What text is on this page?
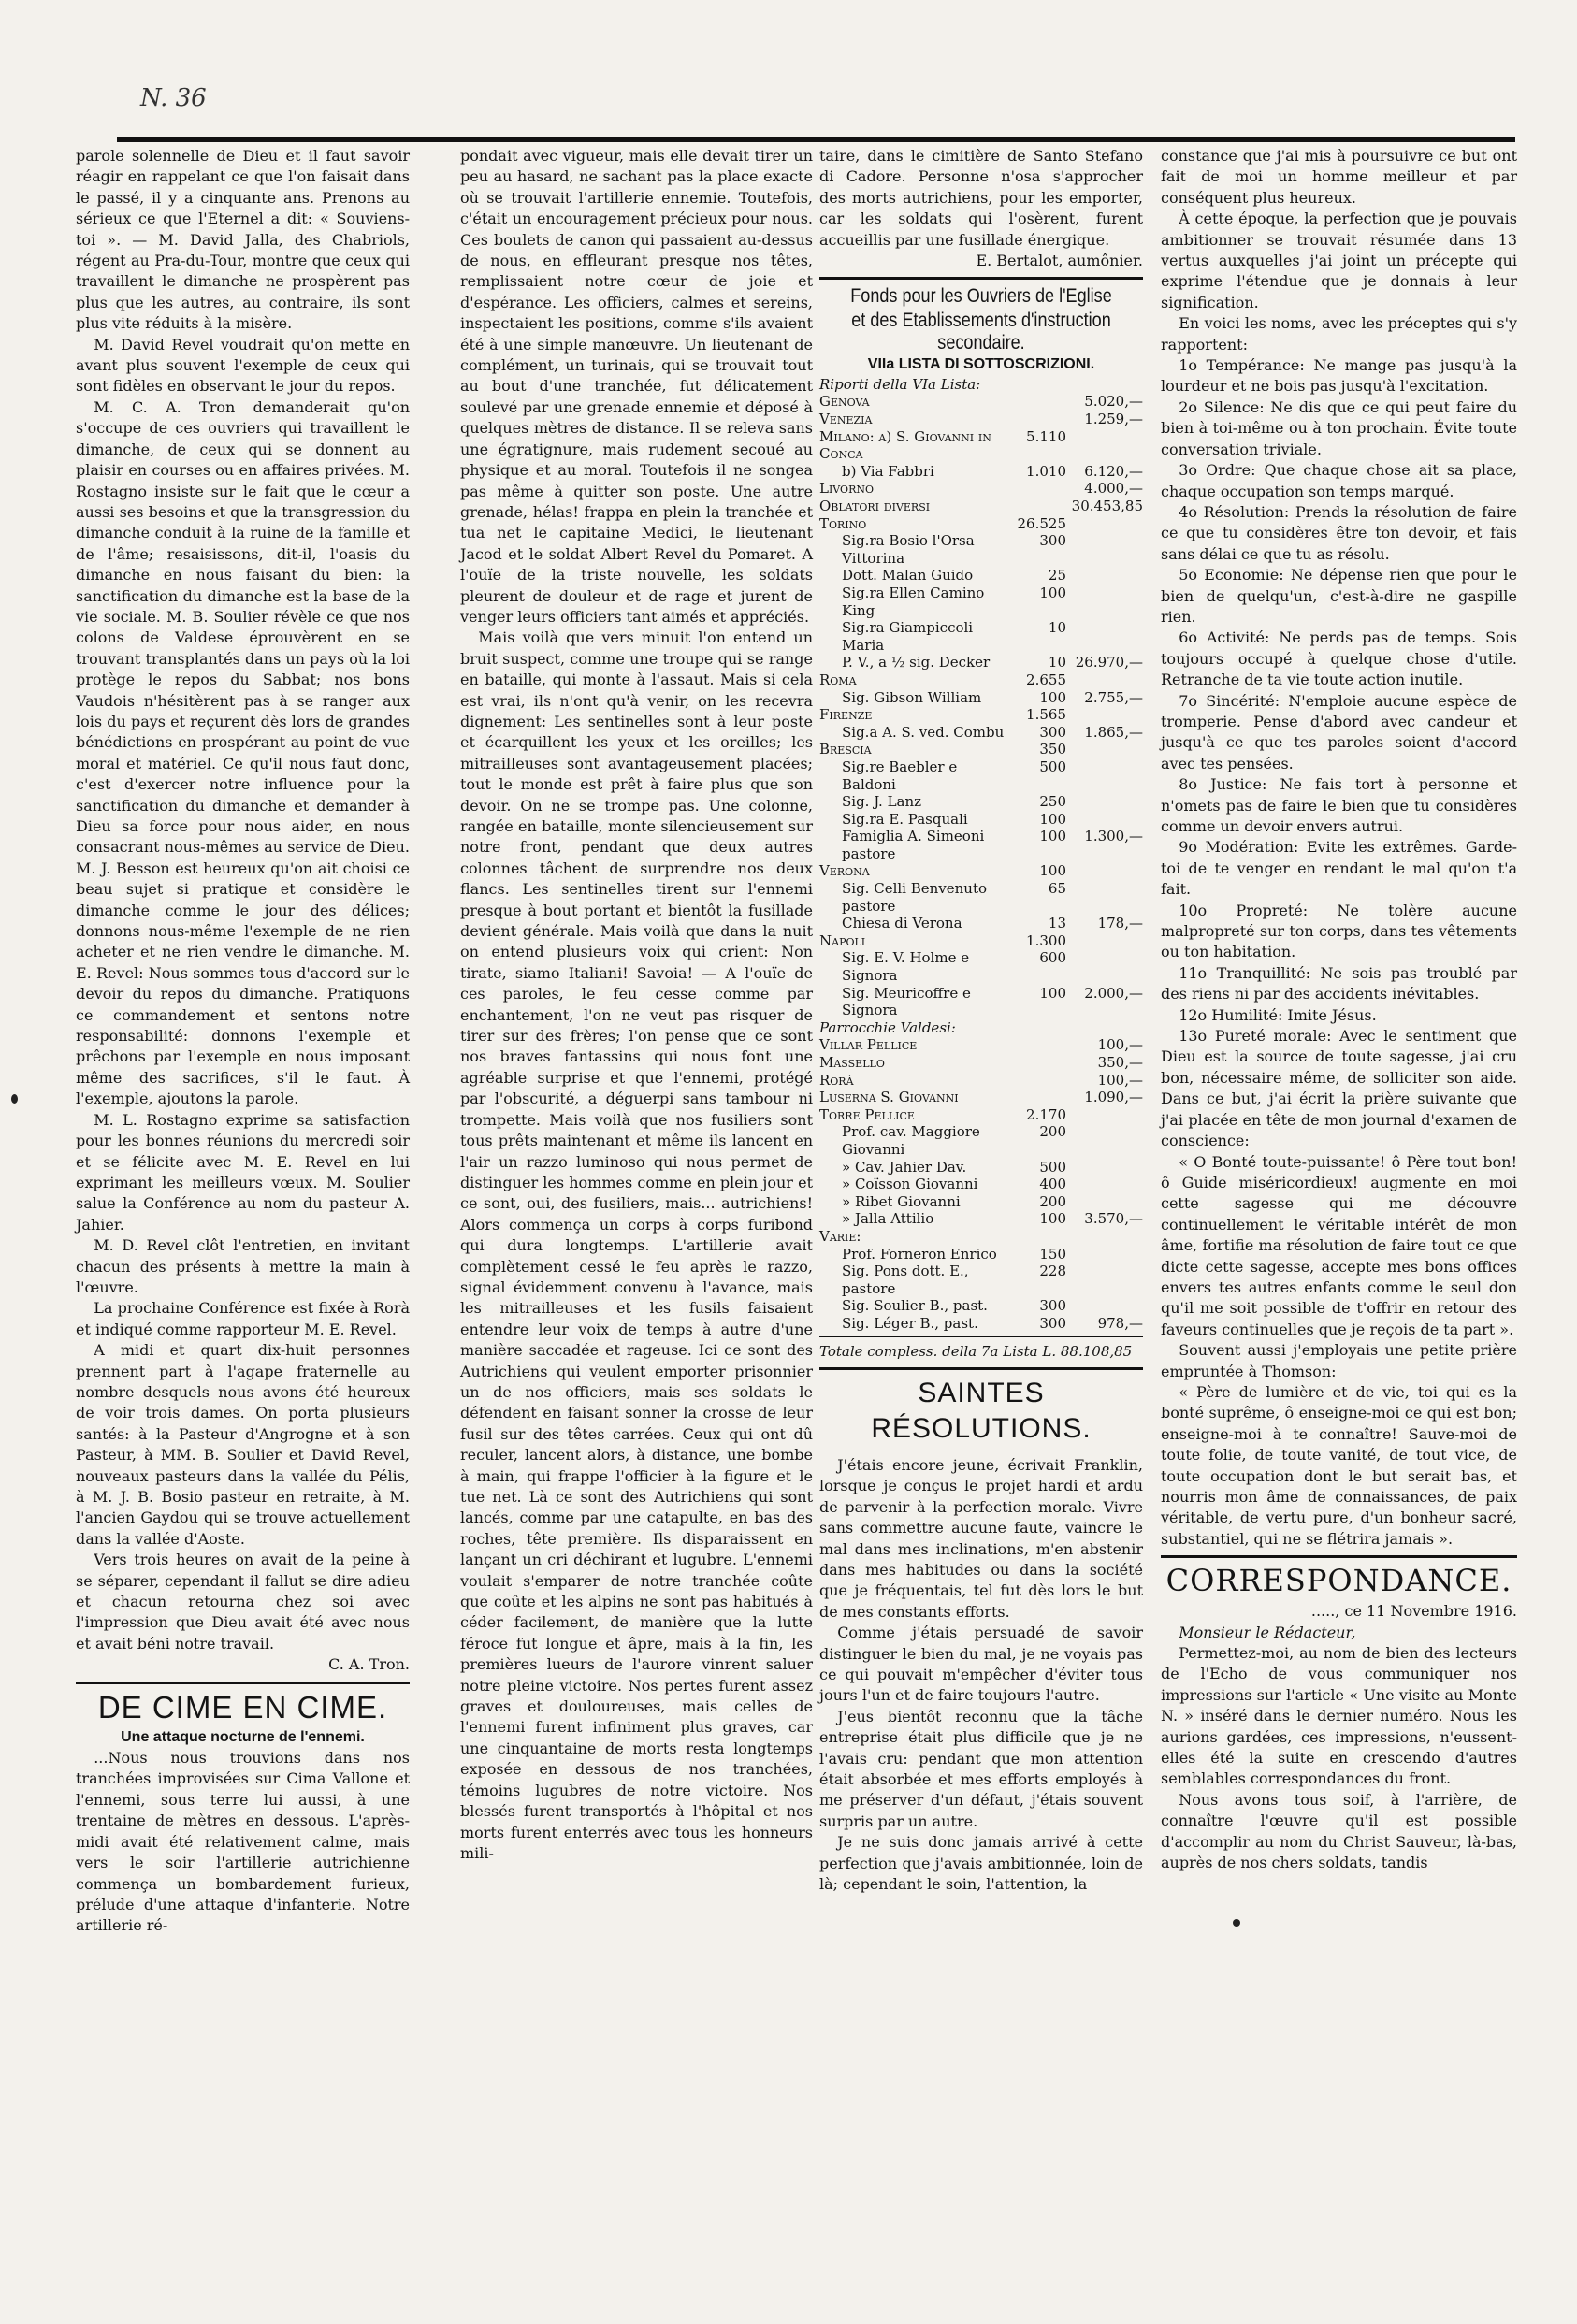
N. 36

parole solennelle de Dieu et il faut savoir réagir en rappelant ce que l'on faisait dans le passé, il y a cinquante ans. Prenons au sérieux ce que l'Eternel a dit: « Souviens-toi ». — M. David Jalla, des Chabriols, régent au Pra-du-Tour, montre que ceux qui travaillent le dimanche ne prospèrent pas plus que les autres, au contraire, ils sont plus vite réduits à la misère.

M. David Revel voudrait qu'on mette en avant plus souvent l'exemple de ceux qui sont fidèles en observant le jour du repos.

M. C. A. Tron demanderait qu'on s'occupe de ces ouvriers qui travaillent le dimanche, de ceux qui se donnent au plaisir en courses ou en affaires privées. M. Rostagno insiste sur le fait que le cœur a aussi ses besoins et que la transgression du dimanche conduit à la ruine de la famille et de l'âme; resaisissons, dit-il, l'oasis du dimanche en nous faisant du bien: la sanctification du dimanche est la base de la vie sociale. M. B. Soulier révèle ce que nos colons de Valdese éprouvèrent en se trouvant transplantés dans un pays où la loi protège le repos du Sabbat; nos bons Vaudois n'hésitèrent pas à se ranger aux lois du pays et reçurent dès lors de grandes bénédictions en prospérant au point de vue moral et matériel. Ce qu'il nous faut donc, c'est d'exercer notre influence pour la sanctification du dimanche et demander à Dieu sa force pour nous aider, en nous consacrant nous-mêmes au service de Dieu. M. J. Besson est heureux qu'on ait choisi ce beau sujet si pratique et considère le dimanche comme le jour des délices; donnons nous-même l'exemple de ne rien acheter et ne rien vendre le dimanche. M. E. Revel: Nous sommes tous d'accord sur le devoir du repos du dimanche. Pratiquons ce commandement et sentons notre responsabilité: donnons l'exemple et prêchons par l'exemple en nous imposant même des sacrifices, s'il le faut. À l'exemple, ajoutons la parole.

M. L. Rostagno exprime sa satisfaction pour les bonnes réunions du mercredi soir et se félicite avec M. E. Revel en lui exprimant les meilleurs vœux. M. Soulier salue la Conférence au nom du pasteur A. Jahier.

M. D. Revel clôt l'entretien, en invitant chacun des présents à mettre la main à l'œuvre.

La prochaine Conférence est fixée à Rorà et indiqué comme rapporteur M. E. Revel.

A midi et quart dix-huit personnes prennent part à l'agape fraternelle au nombre desquels nous avons été heureux de voir trois dames. On porta plusieurs santés: à la Pasteur d'Angrogne et à son Pasteur, à MM. B. Soulier et David Revel, nouveaux pasteurs dans la vallée du Pélis, à M. J. B. Bosio pasteur en retraite, à M. l'ancien Gaydou qui se trouve actuellement dans la vallée d'Aoste.

Vers trois heures on avait de la peine à se séparer, cependant il fallut se dire adieu et chacun retourna chez soi avec l'impression que Dieu avait été avec nous et avait béni notre travail.

C. A. Tron.
DE CIME EN CIME.
Une attaque nocturne de l'ennemi.

...Nous nous trouvions dans nos tranchées improvisées sur Cima Vallone et l'ennemi, sous terre lui aussi, à une trentaine de mètres en dessous. L'après-midi avait été relativement calme, mais vers le soir l'artillerie autrichienne commença un bombardement furieux, prélude d'une attaque d'infanterie. Notre artillerie ré-

pondait avec vigueur, mais elle devait tirer un peu au hasard, ne sachant pas la place exacte où se trouvait l'artillerie ennemie. Toutefois, c'était un encouragement précieux pour nous. Ces boulets de canon qui passaient au-dessus de nous, en effleurant presque nos têtes, remplissaient notre cœur de joie et d'espérance. Les officiers, calmes et sereins, inspectaient les positions, comme s'ils avaient été à une simple manœuvre. Un lieutenant de complément, un turinais, qui se trouvait tout au bout d'une tranchée, fut délicatement soulevé par une grenade ennemie et déposé à quelques mètres de distance. Il se releva sans une égratignure, mais rudement secoué au physique et au moral. Toutefois il ne songea pas même à quitter son poste. Une autre grenade, hélas! frappa en plein la tranchée et tua net le capitaine Medici, le lieutenant Jacod et le soldat Albert Revel du Pomaret. A l'ouïe de la triste nouvelle, les soldats pleurent de douleur et de rage et jurent de venger leurs officiers tant aimés et appréciés.

Mais voilà que vers minuit l'on entend un bruit suspect, comme une troupe qui se range en bataille, qui monte à l'assaut. Mais si cela est vrai, ils n'ont qu'à venir, on les recevra dignement: Les sentinelles sont à leur poste et écarquillent les yeux et les oreilles; les mitrailleuses sont avantageusement placées; tout le monde est prêt à faire plus que son devoir. On ne se trompe pas. Une colonne, rangée en bataille, monte silencieusement sur notre front, pendant que deux autres colonnes tâchent de surprendre nos deux flancs. Les sentinelles tirent sur l'ennemi presque à bout portant et bientôt la fusillade devient générale. Mais voilà que dans la nuit on entend plusieurs voix qui crient: Non tirate, siamo Italiani! Savoia! — A l'ouïe de ces paroles, le feu cesse comme par enchantement, l'on ne veut pas risquer de tirer sur des frères; l'on pense que ce sont nos braves fantassins qui nous font une agréable surprise et que l'ennemi, protégé par l'obscurité, a déguerpi sans tambour ni trompette. Mais voilà que nos fusiliers sont tous prêts maintenant et même ils lancent en l'air un razzo luminoso qui nous permet de distinguer les hommes comme en plein jour et ce sont, oui, des fusiliers, mais... autrichiens! Alors commença un corps à corps furibond qui dura longtemps. L'artillerie avait complètement cessé le feu après le razzo, signal évidemment convenu à l'avance, mais les mitrailleuses et les fusils faisaient entendre leur voix de temps à autre d'une manière saccadée et rageuse. Ici ce sont des Autrichiens qui veulent emporter prisonnier un de nos officiers, mais ses soldats le défendent en faisant sonner la crosse de leur fusil sur des têtes carrées. Ceux qui ont dû reculer, lancent alors, à distance, une bombe à main, qui frappe l'officier à la figure et le tue net. Là ce sont des Autrichiens qui sont lancés, comme par une catapulte, en bas des roches, tête première. Ils disparaissent en lançant un cri déchirant et lugubre. L'ennemi voulait s'emparer de notre tranchée coûte que coûte et les alpins ne sont pas habitués à céder facilement, de manière que la lutte féroce fut longue et âpre, mais à la fin, les premières lueurs de l'aurore vinrent saluer notre pleine victoire. Nos pertes furent assez graves et douloureuses, mais celles de l'ennemi furent infiniment plus graves, car une cinquantaine de morts resta longtemps exposée en dessous de nos tranchées, témoins lugubres de notre victoire. Nos blessés furent transportés à l'hôpital et nos morts furent enterrés avec tous les honneurs mili-

taire, dans le cimitière de Santo Stefano di Cadore. Personne n'osa s'approcher des morts autrichiens, pour les emporter, car les soldats qui l'osèrent, furent accueillis par une fusillade énergique.

E. Bertalot, aumônier.
Fonds pour les Ouvriers de l'Eglise
et des Etablissements d'instruction secondaire.
VIIa LISTA DI SOTTOSCRIZIONI.
Riporti della VIa Lista:		
Genova		5.020,—
Venezia		1.259,—
Milano: a) S. Giovanni in Conca	5.110	
b) Via Fabbri	1.010	6.120,—
Livorno		4.000,—
Oblatori diversi		30.453,85
Torino	26.525	
Sig.ra Bosio l'Orsa Vittorina	300	
Dott. Malan Guido	25	
Sig.ra Ellen Camino King	100	
Sig.ra Giampiccoli Maria	10	
P. V., a ½ sig. Decker	10	26.970,—
Roma	2.655	
Sig. Gibson William	100	2.755,—
Firenze	1.565	
Sig.a A. S. ved. Combu	300	1.865,—
Brescia	350	
Sig.re Baebler e Baldoni	500	
Sig. J. Lanz	250	
Sig.ra E. Pasquali	100	
Famiglia A. Simeoni pastore	100	1.300,—
Verona	100	
Sig. Celli Benvenuto pastore	65	
Chiesa di Verona	13	178,—
Napoli	1.300	
Sig. E. V. Holme e Signora	600	
Sig. Meuricoffre e Signora	100	2.000,—
Parrocchie Valdesi:		
Villar Pellice		100,—
Massello		350,—
Rorà		100,—
Luserna S. Giovanni		1.090,—
Torre Pellice	2.170	
Prof. cav. Maggiore Giovanni	200	
» Cav. Jahier Dav.	500	
» Coïsson Giovanni	400	
» Ribet Giovanni	200	
» Jalla Attilio	100	3.570,—
Varie:		
Prof. Forneron Enrico	150	
Sig. Pons dott. E., pastore	228	
Sig. Soulier B., past.	300	
Sig. Léger B., past.	300	978,—
Totale compless. della 7a Lista L. 88.108,85
SAINTES RÉSOLUTIONS.

J'étais encore jeune, écrivait Franklin, lorsque je conçus le projet hardi et ardu de parvenir à la perfection morale. Vivre sans commettre aucune faute, vaincre le mal dans mes inclinations, m'en abstenir dans mes habitudes ou dans la société que je fréquentais, tel fut dès lors le but de mes constants efforts.

Comme j'étais persuadé de savoir distinguer le bien du mal, je ne voyais pas ce qui pouvait m'empêcher d'éviter tous jours l'un et de faire toujours l'autre.

J'eus bientôt reconnu que la tâche entreprise était plus difficile que je ne l'avais cru: pendant que mon attention était absorbée et mes efforts employés à me préserver d'un défaut, j'étais souvent surpris par un autre.

Je ne suis donc jamais arrivé à cette perfection que j'avais ambitionnée, loin de là; cependant le soin, l'attention, la

constance que j'ai mis à poursuivre ce but ont fait de moi un homme meilleur et par conséquent plus heureux.

À cette époque, la perfection que je pouvais ambitionner se trouvait résumée dans 13 vertus auxquelles j'ai joint un précepte qui exprime l'étendue que je donnais à leur signification.

En voici les noms, avec les préceptes qui s'y rapportent:

1o Tempérance: Ne mange pas jusqu'à la lourdeur et ne bois pas jusqu'à l'excitation.

2o Silence: Ne dis que ce qui peut faire du bien à toi-même ou à ton prochain. Évite toute conversation triviale.

3o Ordre: Que chaque chose ait sa place, chaque occupation son temps marqué.

4o Résolution: Prends la résolution de faire ce que tu considères être ton devoir, et fais sans délai ce que tu as résolu.

5o Economie: Ne dépense rien que pour le bien de quelqu'un, c'est-à-dire ne gaspille rien.

6o Activité: Ne perds pas de temps. Sois toujours occupé à quelque chose d'utile. Retranche de ta vie toute action inutile.

7o Sincérité: N'emploie aucune espèce de tromperie. Pense d'abord avec candeur et jusqu'à ce que tes paroles soient d'accord avec tes pensées.

8o Justice: Ne fais tort à personne et n'omets pas de faire le bien que tu considères comme un devoir envers autrui.

9o Modération: Evite les extrêmes. Garde-toi de te venger en rendant le mal qu'on t'a fait.

10o Propreté: Ne tolère aucune malpropreté sur ton corps, dans tes vêtements ou ton habitation.

11o Tranquillité: Ne sois pas troublé par des riens ni par des accidents inévitables.

12o Humilité: Imite Jésus.

13o Pureté morale: Avec le sentiment que Dieu est la source de toute sagesse, j'ai cru bon, nécessaire même, de solliciter son aide. Dans ce but, j'ai écrit la prière suivante que j'ai placée en tête de mon journal d'examen de conscience:

« O Bonté toute-puissante! ô Père tout bon! ô Guide miséricordieux! augmente en moi cette sagesse qui me découvre continuellement le véritable intérêt de mon âme, fortifie ma résolution de faire tout ce que dicte cette sagesse, accepte mes bons offices envers tes autres enfants comme le seul don qu'il me soit possible de t'offrir en retour des faveurs continuelles que je reçois de ta part ».

Souvent aussi j'employais une petite prière empruntée à Thomson:

« Père de lumière et de vie, toi qui es la bonté suprême, ô enseigne-moi ce qui est bon; enseigne-moi à te connaître! Sauve-moi de toute folie, de toute vanité, de tout vice, de toute occupation dont le but serait bas, et nourris mon âme de connaissances, de paix véritable, de vertu pure, d'un bonheur sacré, substantiel, qui ne se flétrira jamais ».

CORRESPONDANCE.
....., ce 11 Novembre 1916.

Monsieur le Rédacteur,

Permettez-moi, au nom de bien des lecteurs de l'Echo de vous communiquer nos impressions sur l'article « Une visite au Monte N. » inséré dans le dernier numéro. Nous les aurions gardées, ces impressions, n'eussent-elles été la suite en crescendo d'autres semblables correspondances du front.

Nous avons tous soif, à l'arrière, de connaître l'œuvre qu'il est possible d'accomplir au nom du Christ Sauveur, là-bas, auprès de nos chers soldats, tandis
